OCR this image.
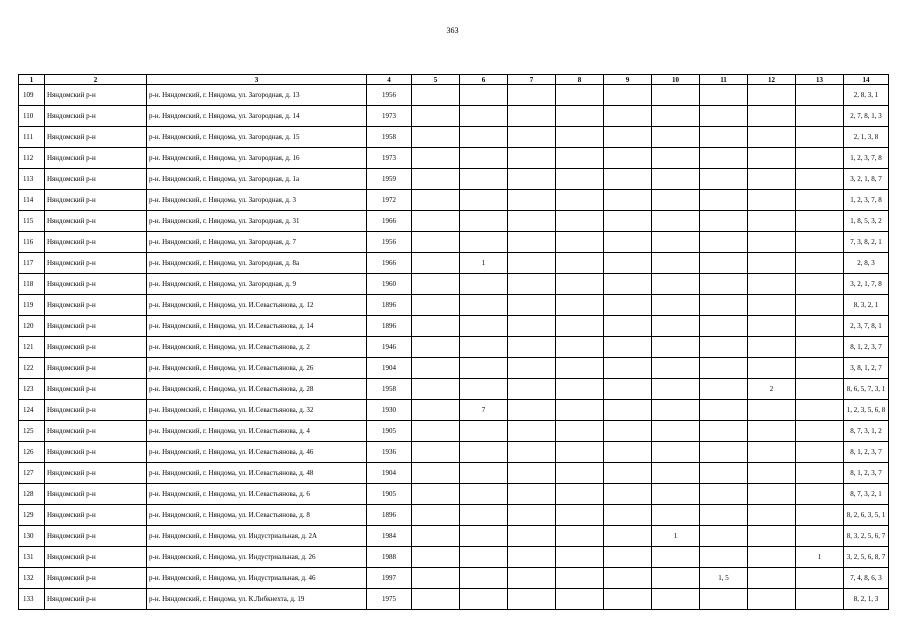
363
1	2	3	4	5	6	7	8	9	10	11	12	13	14
109	Няндомский р-н	р-н. Няндомский, г. Няндома, ул. Загородная, д. 13	1956										2, 8, 3, 1
110	Няндомский р-н	р-н. Няндомский, г. Няндома, ул. Загородная, д. 14	1973										2, 7, 8, 1, 3
111	Няндомский р-н	р-н. Няндомский, г. Няндома, ул. Загородная, д. 15	1958										2, 1, 3, 8
112	Няндомский р-н	р-н. Няндомский, г. Няндома, ул. Загородная, д. 16	1973										1, 2, 3, 7, 8
113	Няндомский р-н	р-н. Няндомский, г. Няндома, ул. Загородная, д. 1а	1959										3, 2, 1, 8, 7
114	Няндомский р-н	р-н. Няндомский, г. Няндома, ул. Загородная, д. 3	1972										1, 2, 3, 7, 8
115	Няндомский р-н	р-н. Няндомский, г. Няндома, ул. Загородная, д. 31	1966										1, 8, 5, 3, 2
116	Няндомский р-н	р-н. Няндомский, г. Няндома, ул. Загородная, д. 7	1956										7, 3, 8, 2, 1
117	Няндомский р-н	р-н. Няндомский, г. Няндома, ул. Загородная, д. 8а	1966		1								2, 8, 3
118	Няндомский р-н	р-н. Няндомский, г. Няндома, ул. Загородная, д. 9	1960										3, 2, 1, 7, 8
119	Няндомский р-н	р-н. Няндомский, г. Няндома, ул. И.Севастьянова, д. 12	1896										8, 3, 2, 1
120	Няндомский р-н	р-н. Няндомский, г. Няндома, ул. И.Севастьянова, д. 14	1896										2, 3, 7, 8, 1
121	Няндомский р-н	р-н. Няндомский, г. Няндома, ул. И.Севастьянова, д. 2	1946										8, 1, 2, 3, 7
122	Няндомский р-н	р-н. Няндомский, г. Няндома, ул. И.Севастьянова, д. 26	1904										3, 8, 1, 2, 7
123	Няндомский р-н	р-н. Няндомский, г. Няндома, ул. И.Севастьянова, д. 28	1958								2		8, 6, 5, 7, 3, 1
124	Няндомский р-н	р-н. Няндомский, г. Няндома, ул. И.Севастьянова, д. 32	1930		7								1, 2, 3, 5, 6, 8
125	Няндомский р-н	р-н. Няндомский, г. Няндома, ул. И.Севастьянова, д. 4	1905										8, 7, 3, 1, 2
126	Няндомский р-н	р-н. Няндомский, г. Няндома, ул. И.Севастьянова, д. 46	1936										8, 1, 2, 3, 7
127	Няндомский р-н	р-н. Няндомский, г. Няндома, ул. И.Севастьянова, д. 48	1904										8, 1, 2, 3, 7
128	Няндомский р-н	р-н. Няндомский, г. Няндома, ул. И.Севастьянова, д. 6	1905										8, 7, 3, 2, 1
129	Няндомский р-н	р-н. Няндомский, г. Няндома, ул. И.Севастьянова, д. 8	1896										8, 2, 6, 3, 5, 1
130	Няндомский р-н	р-н. Няндомский, г. Няндома, ул. Индустриальная, д. 2А	1984						1				8, 3, 2, 5, 6, 7
131	Няндомский р-н	р-н. Няндомский, г. Няндома, ул. Индустриальная, д. 26	1988									1	3, 2, 5, 6, 8, 7
132	Няндомский р-н	р-н. Няндомский, г. Няндома, ул. Индустриальная, д. 46	1997							1, 5			7, 4, 8, 6, 3
133	Няндомский р-н	р-н. Няндомский, г. Няндома, ул. К.Либкнехта, д. 19	1975										8, 2, 1, 3
